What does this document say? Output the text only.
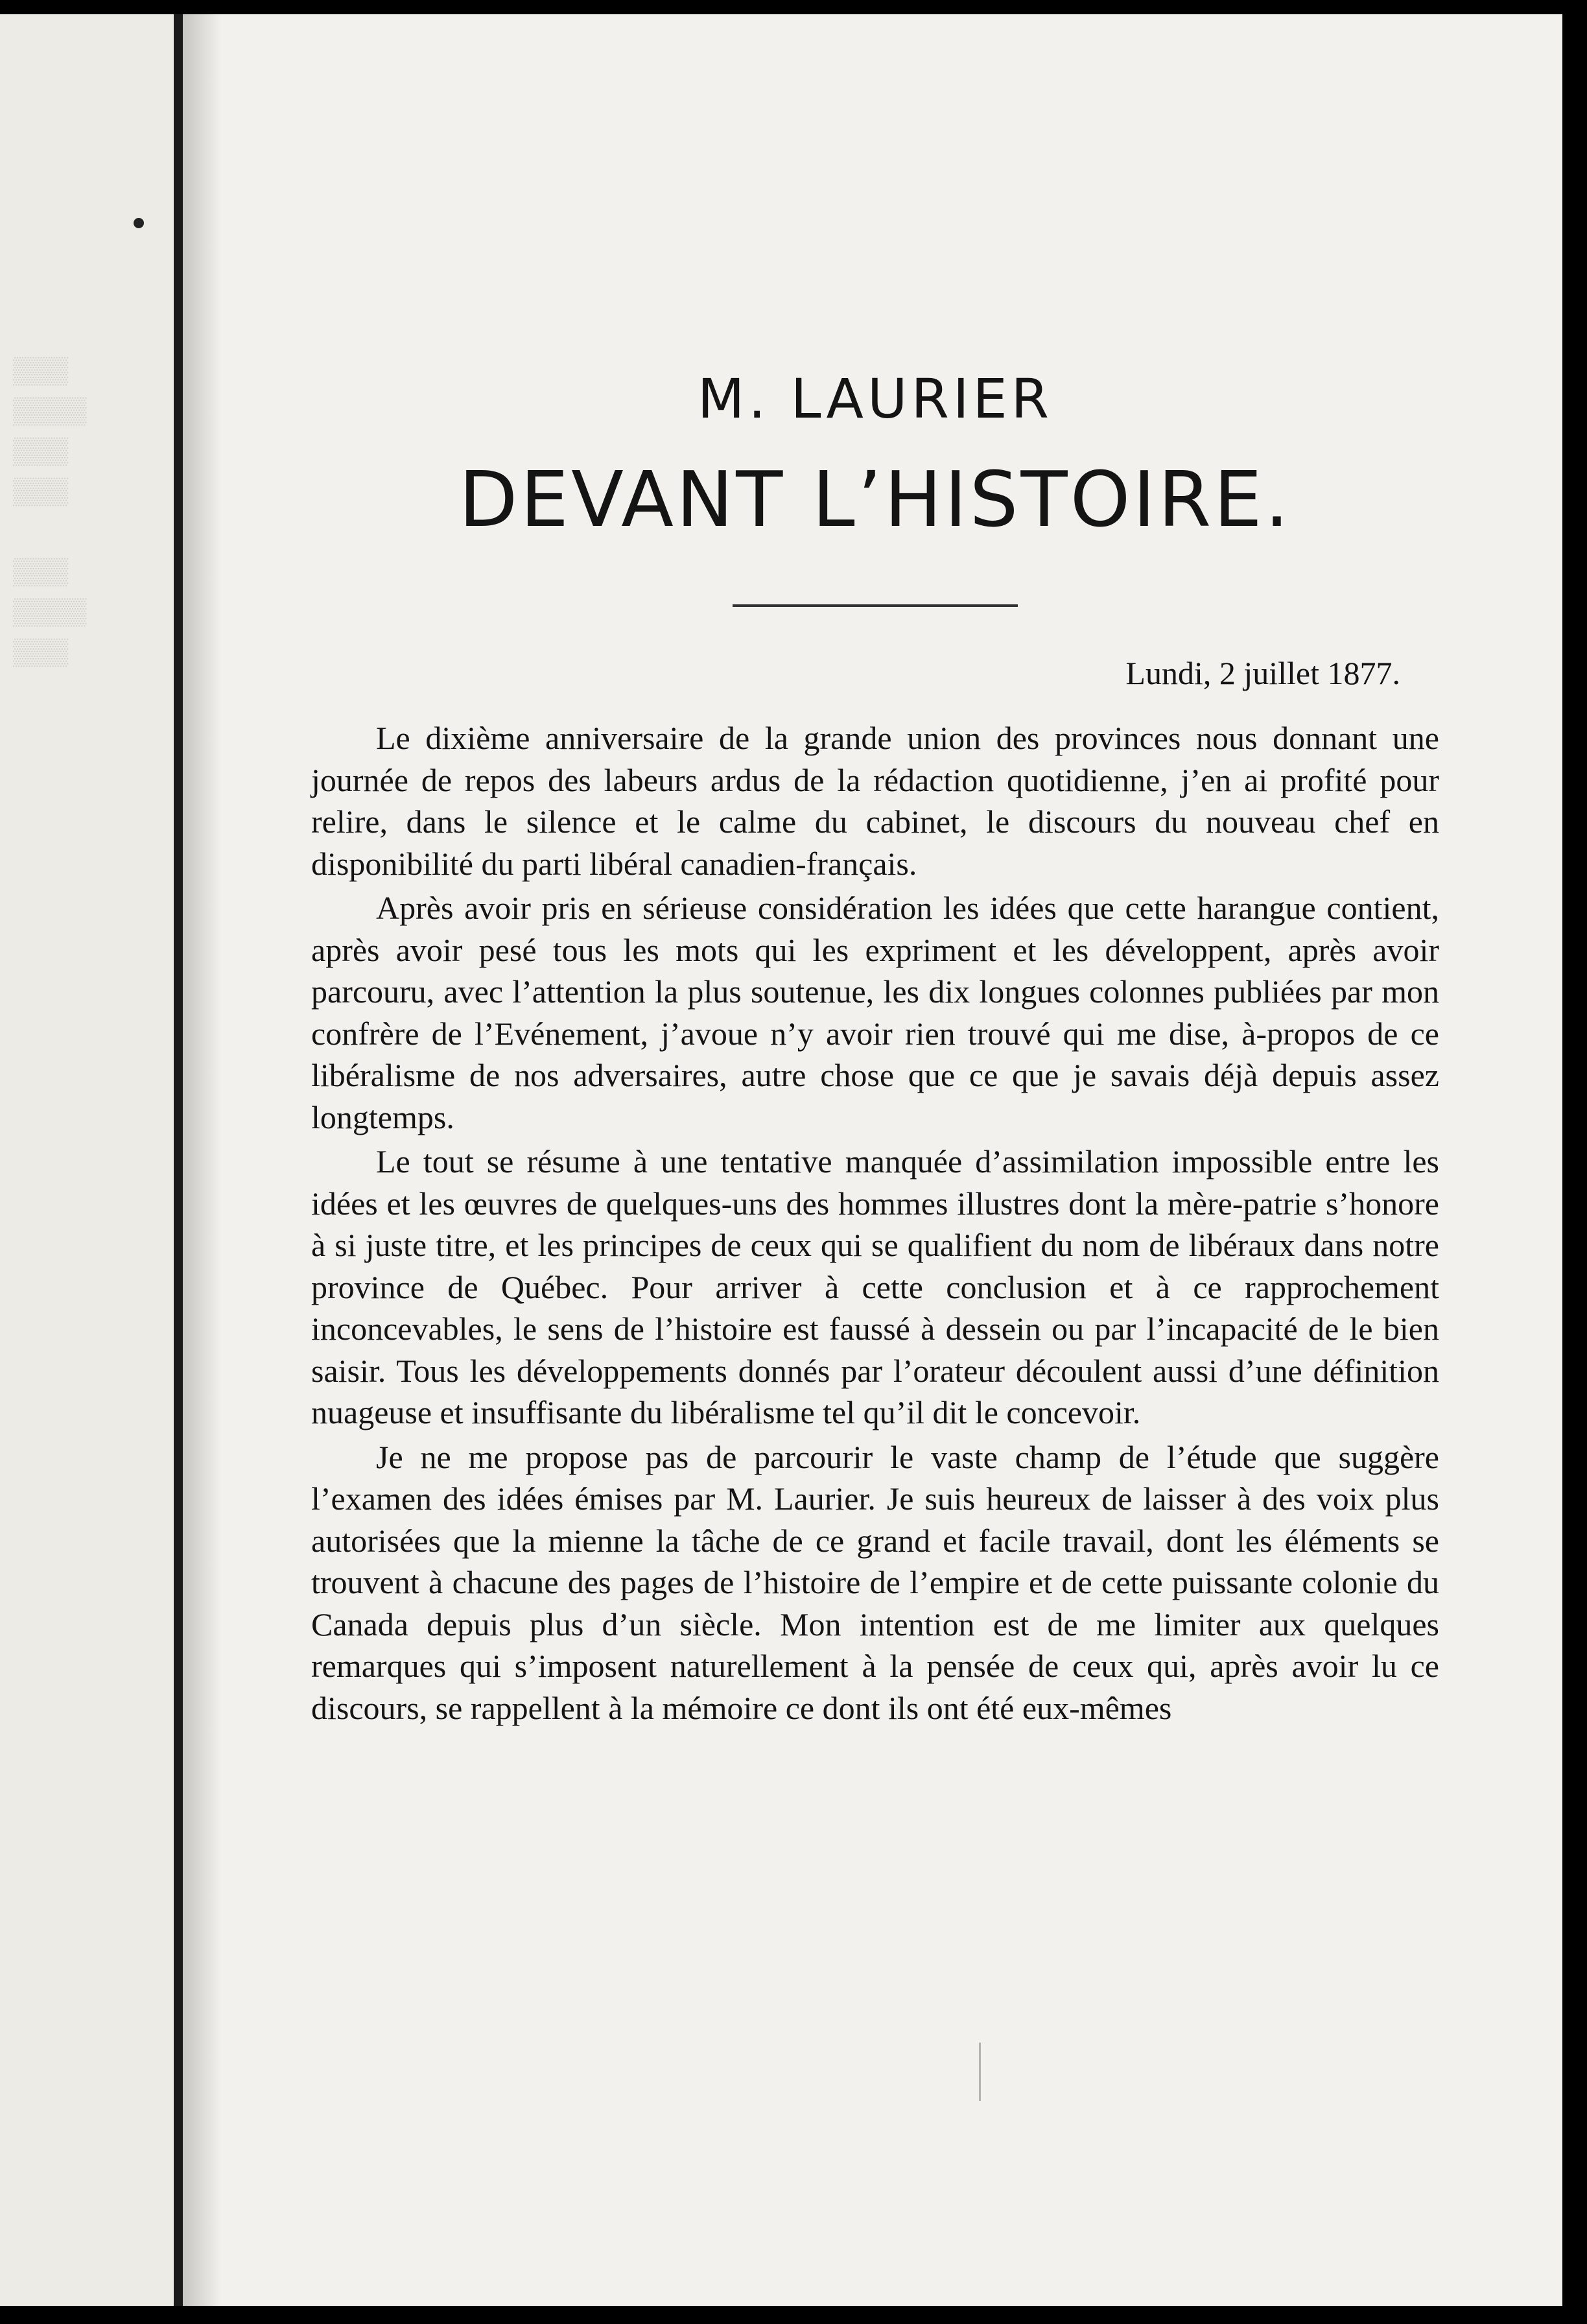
▒▒▒
▒▒▒▒
▒▒▒
▒▒▒

▒▒▒
▒▒▒▒
▒▒▒
M. LAURIER
DEVANT L’HISTOIRE.
Lundi, 2 juillet 1877.

Le dixième anniversaire de la grande union des provinces nous donnant une journée de repos des labeurs ardus de la rédaction quotidienne, j’en ai profité pour relire, dans le silence et le calme du cabinet, le discours du nouveau chef en disponibilité du parti libéral canadien-français.

Après avoir pris en sérieuse considération les idées que cette harangue contient, après avoir pesé tous les mots qui les expriment et les développent, après avoir parcouru, avec l’attention la plus soutenue, les dix longues colonnes publiées par mon confrère de l’Evénement, j’avoue n’y avoir rien trouvé qui me dise, à-propos de ce libéralisme de nos adversaires, autre chose que ce que je savais déjà depuis assez longtemps.

Le tout se résume à une tentative manquée d’assimilation impossible entre les idées et les œuvres de quelques-uns des hommes illustres dont la mère-patrie s’honore à si juste titre, et les principes de ceux qui se qualifient du nom de libéraux dans notre province de Québec. Pour arriver à cette conclusion et à ce rapprochement inconcevables, le sens de l’histoire est faussé à dessein ou par l’incapacité de le bien saisir. Tous les développements donnés par l’orateur découlent aussi d’une définition nuageuse et insuffisante du libéralisme tel qu’il dit le concevoir.

Je ne me propose pas de parcourir le vaste champ de l’étude que suggère l’examen des idées émises par M. Laurier. Je suis heureux de laisser à des voix plus autorisées que la mienne la tâche de ce grand et facile travail, dont les éléments se trouvent à chacune des pages de l’histoire de l’empire et de cette puissante colonie du Canada depuis plus d’un siècle. Mon intention est de me limiter aux quelques remarques qui s’imposent naturellement à la pensée de ceux qui, après avoir lu ce discours, se rappellent à la mémoire ce dont ils ont été eux-mêmes
